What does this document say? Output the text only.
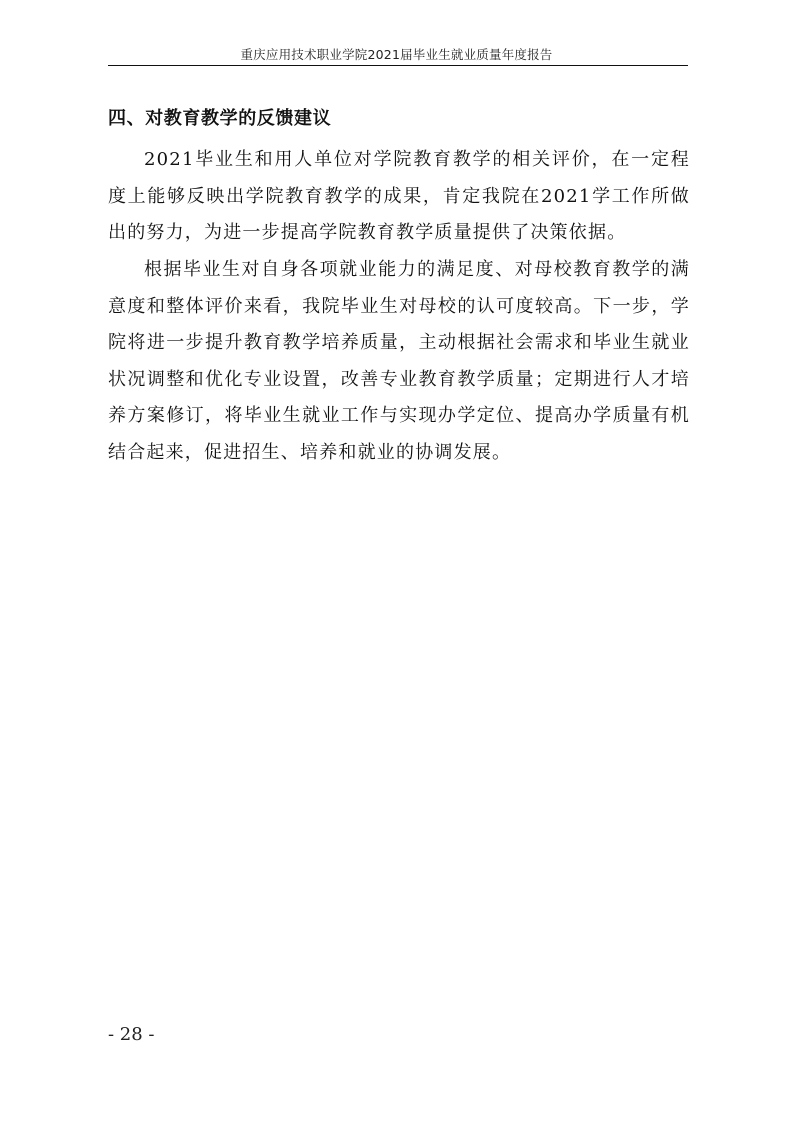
重庆应用技术职业学院2021届毕业生就业质量年度报告
四、对教育教学的反馈建议

2021毕业生和用人单位对学院教育教学的相关评价，在一定程度上能够反映出学院教育教学的成果，肯定我院在2021学工作所做出的努力，为进一步提高学院教育教学质量提供了决策依据。

根据毕业生对自身各项就业能力的满足度、对母校教育教学的满意度和整体评价来看，我院毕业生对母校的认可度较高。下一步，学院将进一步提升教育教学培养质量，主动根据社会需求和毕业生就业状况调整和优化专业设置，改善专业教育教学质量；定期进行人才培养方案修订，将毕业生就业工作与实现办学定位、提高办学质量有机结合起来，促进招生、培养和就业的协调发展。

- 28 -
